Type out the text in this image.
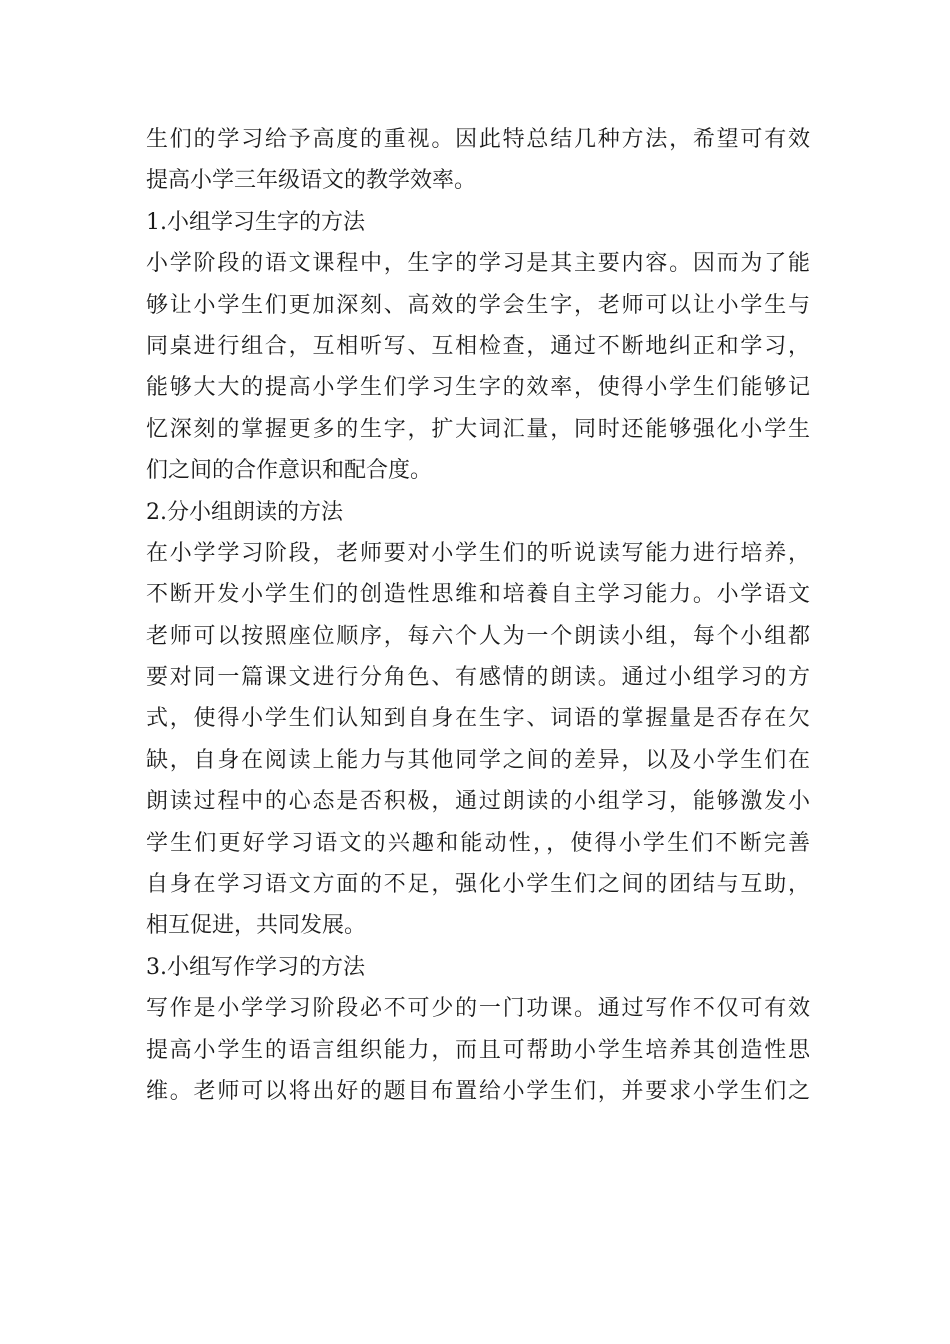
生们的学习给予高度的重视。因此特总结几种方法，希望可有效
提高小学三年级语文的教学效率。
1.小组学习生字的方法
小学阶段的语文课程中，生字的学习是其主要内容。因而为了能
够让小学生们更加深刻、高效的学会生字，老师可以让小学生与
同桌进行组合，互相听写、互相检查，通过不断地纠正和学习，
能够大大的提高小学生们学习生字的效率，使得小学生们能够记
忆深刻的掌握更多的生字，扩大词汇量，同时还能够强化小学生
们之间的合作意识和配合度。
2.分小组朗读的方法
在小学学习阶段，老师要对小学生们的听说读写能力进行培养，
不断开发小学生们的创造性思维和培養自主学习能力。小学语文
老师可以按照座位顺序，每六个人为一个朗读小组，每个小组都
要对同一篇课文进行分角色、有感情的朗读。通过小组学习的方
式，使得小学生们认知到自身在生字、词语的掌握量是否存在欠
缺，自身在阅读上能力与其他同学之间的差异，以及小学生们在
朗读过程中的心态是否积极，通过朗读的小组学习，能够激发小
学生们更好学习语文的兴趣和能动性，，使得小学生们不断完善
自身在学习语文方面的不足，强化小学生们之间的团结与互助，
相互促进，共同发展。
3.小组写作学习的方法
写作是小学学习阶段必不可少的一门功课。通过写作不仅可有效
提高小学生的语言组织能力，而且可帮助小学生培养其创造性思
维。老师可以将出好的题目布置给小学生们，并要求小学生们之
